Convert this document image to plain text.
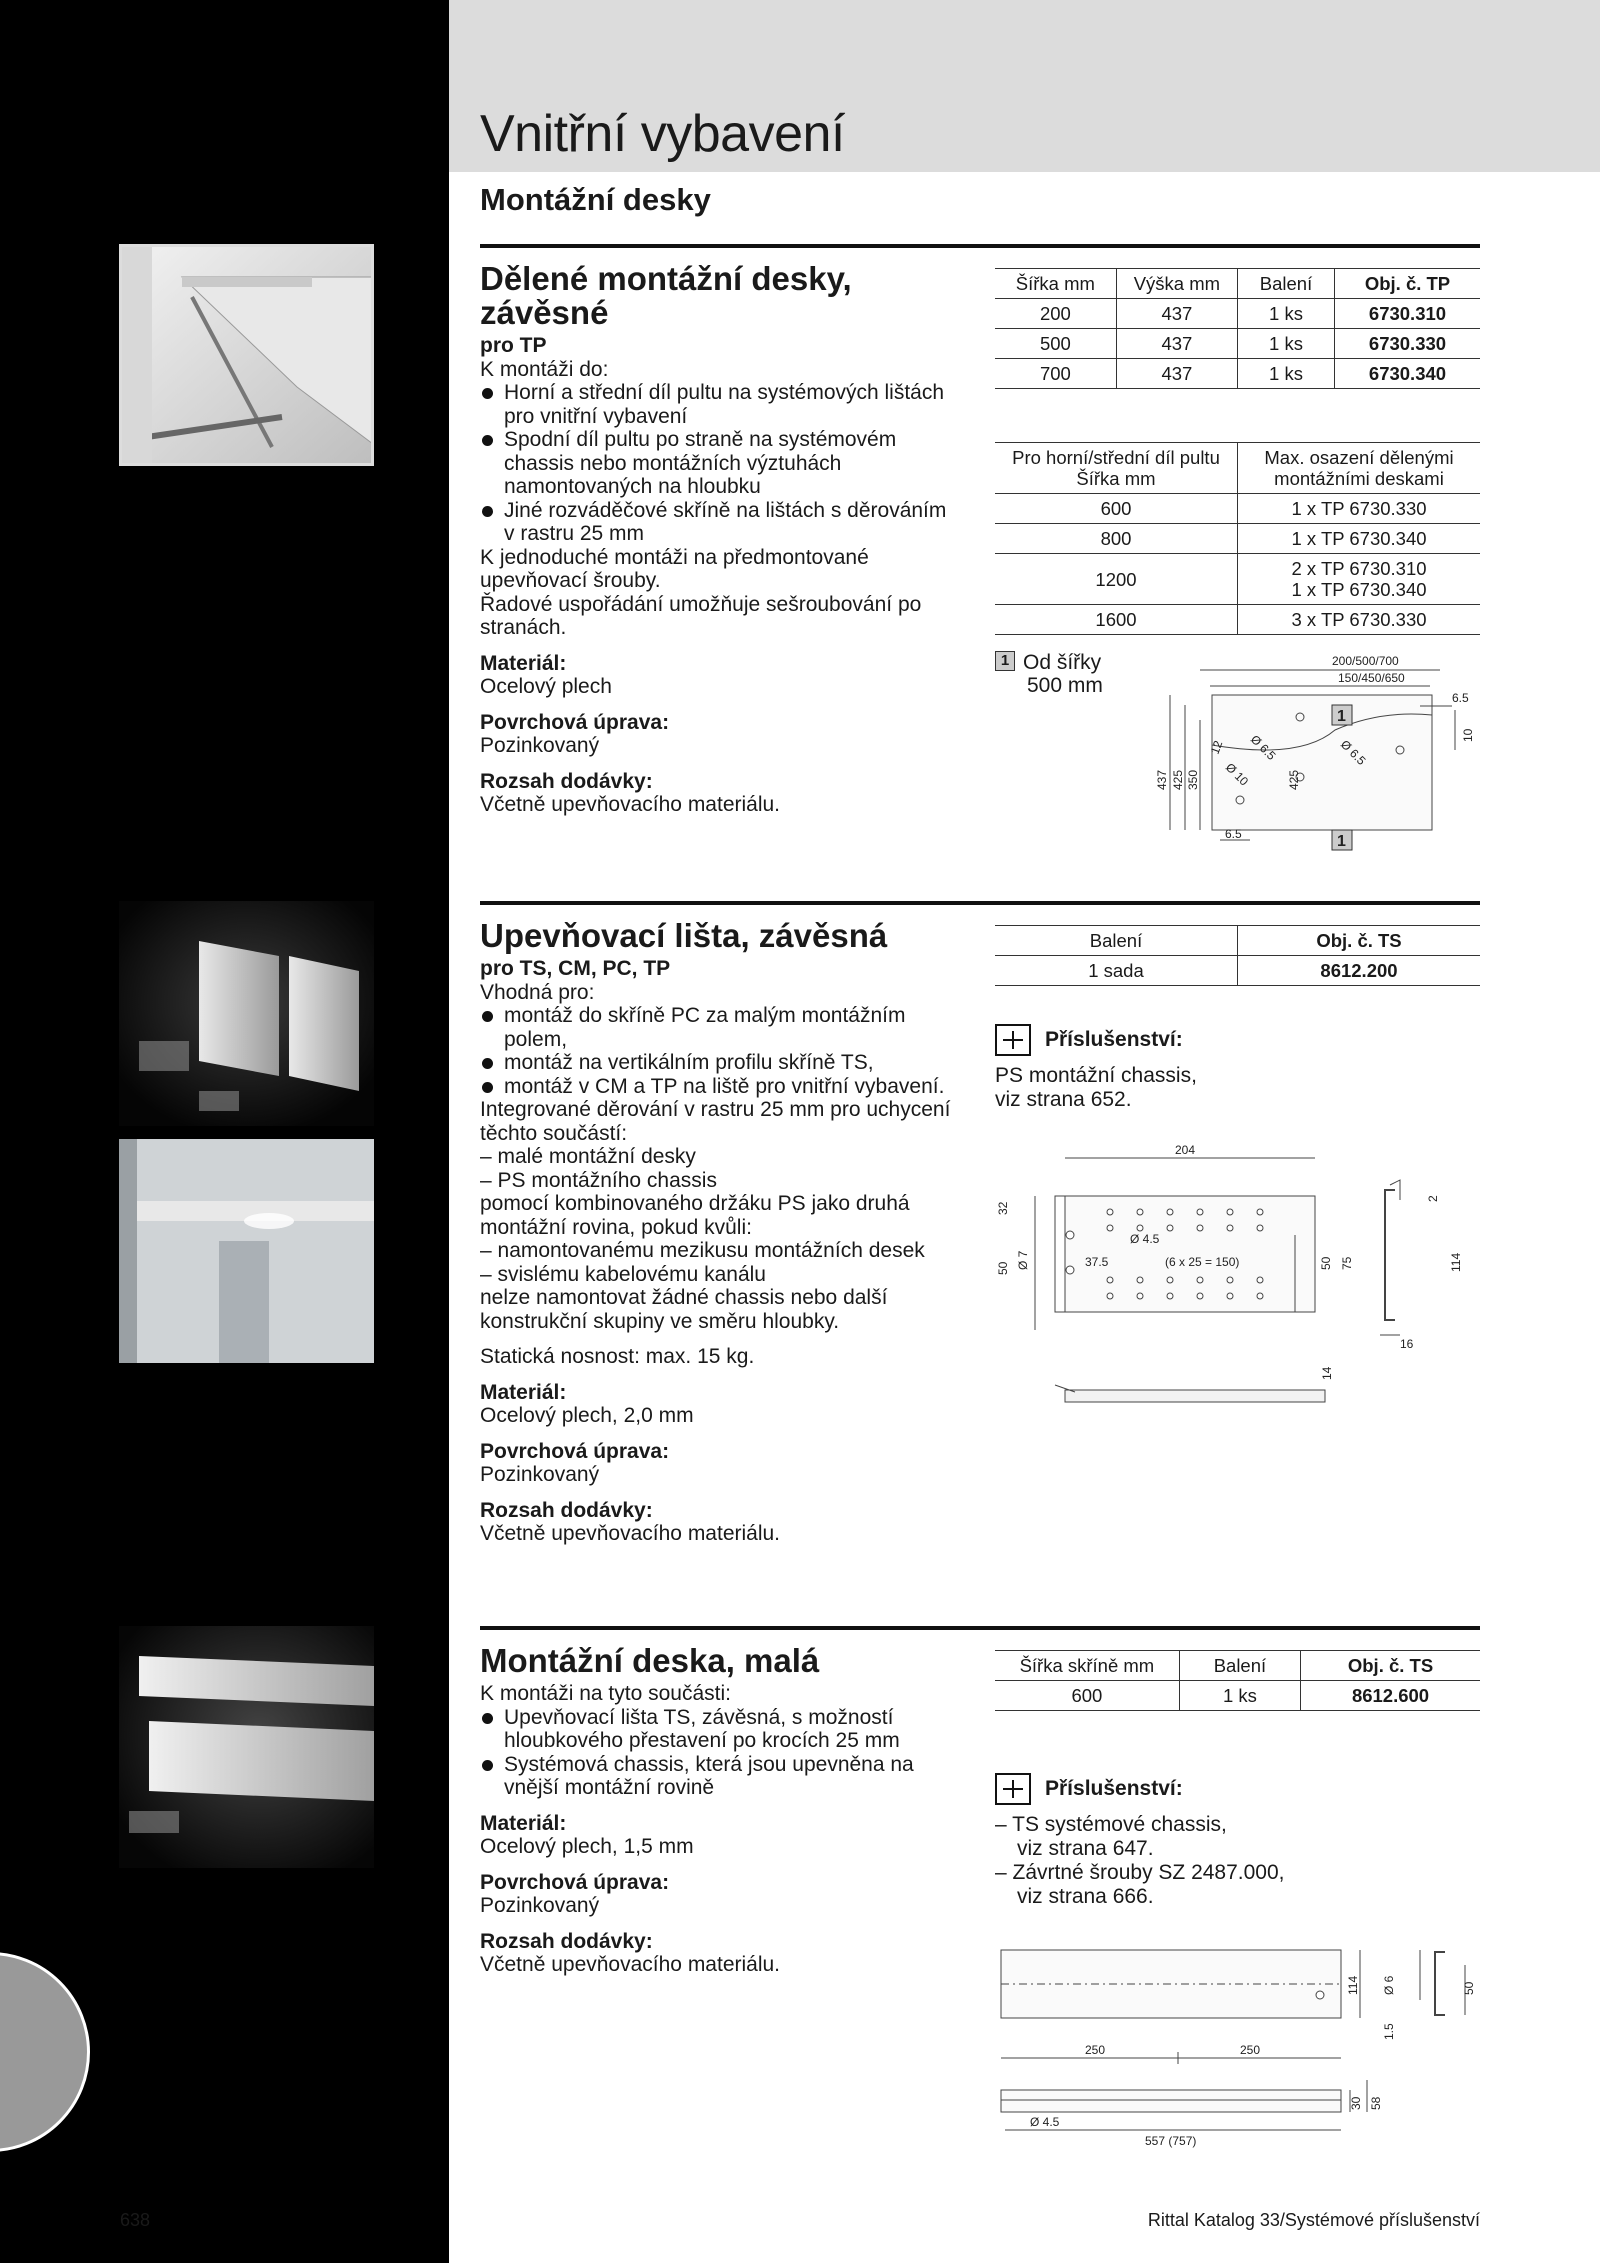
Vnitřní vybavení
Montážní desky
Dělené montážní desky,
závěsné
pro TP
K montáži do:
Horní a střední díl pultu na systémových lištách pro vnitřní vybavení
Spodní díl pultu po straně na systémovém chassis nebo montážních výztuhách namontovaných na hloubku
Jiné rozváděčové skříně na lištách s děrováním v rastru 25 mm
K jednoduché montáži na předmontované upevňovací šrouby.
Řadové uspořádání umožňuje sešroubování po stranách.
Materiál:
Ocelový plech
Povrchová úprava:
Pozinkovaný
Rozsah dodávky:
Včetně upevňovacího materiálu.
Šířka mm	Výška mm	Balení	Obj. č. TP
200	437	1 ks	6730.310
500	437	1 ks	6730.330
700	437	1 ks	6730.340
Pro horní/střední díl pultu Šířka mm	Max. osazení dělenými montážními deskami
600	1 x TP 6730.330
800	1 x TP 6730.340
1200	2 x TP 6730.310
1 x TP 6730.340
1600	3 x TP 6730.330
1 Od šířky
500 mm
200/500/700
150/450/650
1
1
6.5
10
437 425 350	425
12 Ø 6.5
Ø 10
Ø 6.5
6.5
Upevňovací lišta, závěsná
pro TS, CM, PC, TP
Vhodná pro:
montáž do skříně PC za malým montážním polem,
montáž na vertikálním profilu skříně TS,
montáž v CM a TP na liště pro vnitřní vybavení.
Integrované děrování v rastru 25 mm pro uchycení těchto součástí:
– malé montážní desky
– PS montážního chassis
pomocí kombinovaného držáku PS jako druhá montážní rovina, pokud kvůli:
– namontovanému mezikusu montážních desek
– svislému kabelovému kanálu
nelze namontovat žádné chassis nebo další konstrukční skupiny ve směru hloubky.
Statická nosnost: max. 15 kg.
Materiál:
Ocelový plech, 2,0 mm
Povrchová úprava:
Pozinkovaný
Rozsah dodávky:
Včetně upevňovacího materiálu.
Balení	Obj. č. TS
1 sada	8612.200
Příslušenství:
PS montážní chassis,
viz strana 652.
204
32
50 Ø 7
Ø 4.5
37.5	(6 x 25 = 150)	50 75
2
114
16
14
Montážní deska, malá
K montáži na tyto součásti:
Upevňovací lišta TS, závěsná, s možností hloubkového přestavení po krocích 25 mm
Systémová chassis, která jsou upevněna na vnější montážní rovině
Materiál:
Ocelový plech, 1,5 mm
Povrchová úprava:
Pozinkovaný
Rozsah dodávky:
Včetně upevňovacího materiálu.
Šířka skříně mm	Balení	Obj. č. TS
600	1 ks	8612.600
Příslušenství:
– TS systémové chassis,
viz strana 647.
– Závrtné šrouby SZ 2487.000,
viz strana 666.
114 Ø 6	50
1.5
250	250
30 58
Ø 4.5
557 (757)
638	Rittal Katalog 33/Systémové příslušenství
